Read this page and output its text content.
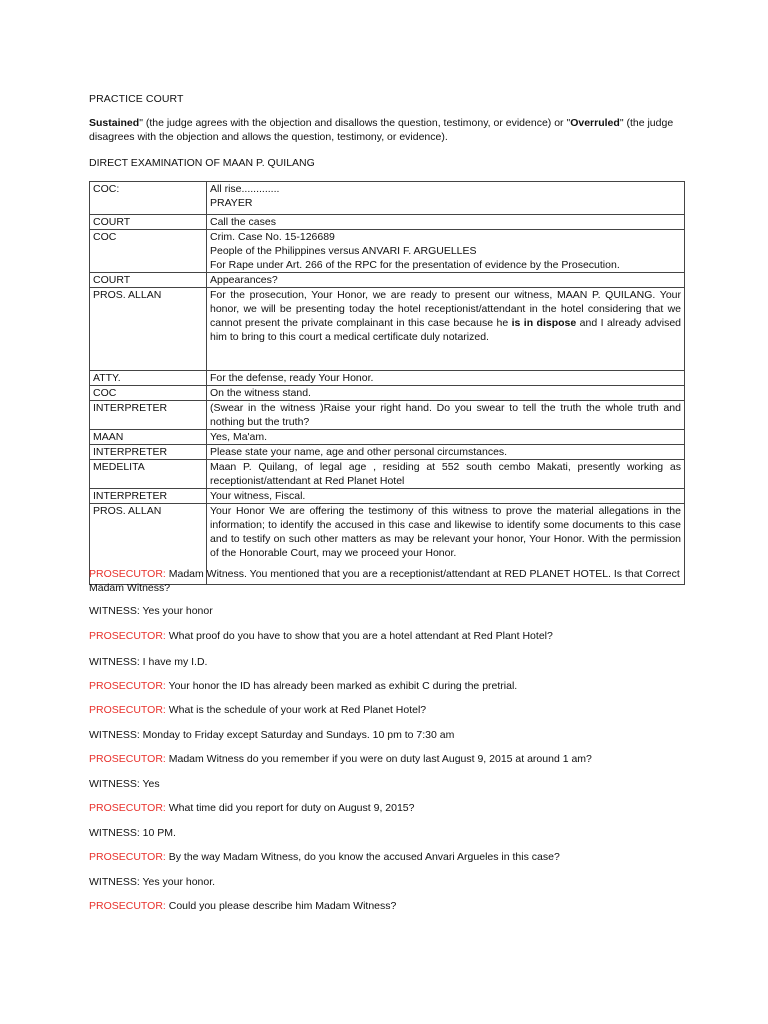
PRACTICE COURT
Sustained" (the judge agrees with the objection and disallows the question, testimony, or evidence) or "Overruled" (the judge disagrees with the objection and allows the question, testimony, or evidence).
DIRECT EXAMINATION OF MAAN P. QUILANG
COC:	All rise.............
PRAYER

COURT	Call the cases
COC	Crim. Case No. 15-126689
People of the Philippines versus ANVARI F. ARGUELLES
For Rape under Art. 266 of the RPC for the presentation of evidence by the Prosecution.

COURT	Appearances?
PROS. ALLAN	For the prosecution, Your Honor, we are ready to present our witness, MAAN P. QUILANG. Your honor, we will be presenting today the hotel receptionist/attendant in the hotel considering that we cannot present the private complainant in this case because he is in dispose and I already advised him to bring to this court a medical certificate duly notarized.
ATTY.	For the defense, ready Your Honor.
COC	On the witness stand.
INTERPRETER	(Swear in the witness )Raise your right hand. Do you swear to tell the truth the whole truth and nothing but the truth?
MAAN	Yes, Ma'am.
INTERPRETER	Please state your name, age and other personal circumstances.
MEDELITA	Maan P. Quilang, of legal age , residing at 552 south cembo Makati, presently working as receptionist/attendant at Red Planet Hotel
INTERPRETER	Your witness, Fiscal.
PROS. ALLAN	Your Honor We are offering the testimony of this witness to prove the material allegations in the information; to identify the accused in this case and likewise to identify some documents to this case and to testify on such other matters as may be relevant your honor, Your Honor. With the permission of the Honorable Court, may we proceed your Honor.
PROSECUTOR: Madam Witness. You mentioned that you are a receptionist/attendant at RED PLANET HOTEL. Is that Correct Madam Witness?
WITNESS: Yes your honor
PROSECUTOR: What proof do you have to show that you are a hotel attendant at Red Plant Hotel?
WITNESS: I have my I.D.
PROSECUTOR: Your honor the ID has already been marked as exhibit C during the pretrial.
PROSECUTOR: What is the schedule of your work at Red Planet Hotel?
WITNESS: Monday to Friday except Saturday and Sundays. 10 pm to 7:30 am
PROSECUTOR: Madam Witness do you remember if you were on duty last August 9, 2015 at around 1 am?
WITNESS: Yes
PROSECUTOR: What time did you report for duty on August 9, 2015?
WITNESS: 10 PM.
PROSECUTOR: By the way Madam Witness, do you know the accused Anvari Argueles in this case?
WITNESS: Yes your honor.
PROSECUTOR: Could you please describe him Madam Witness?
